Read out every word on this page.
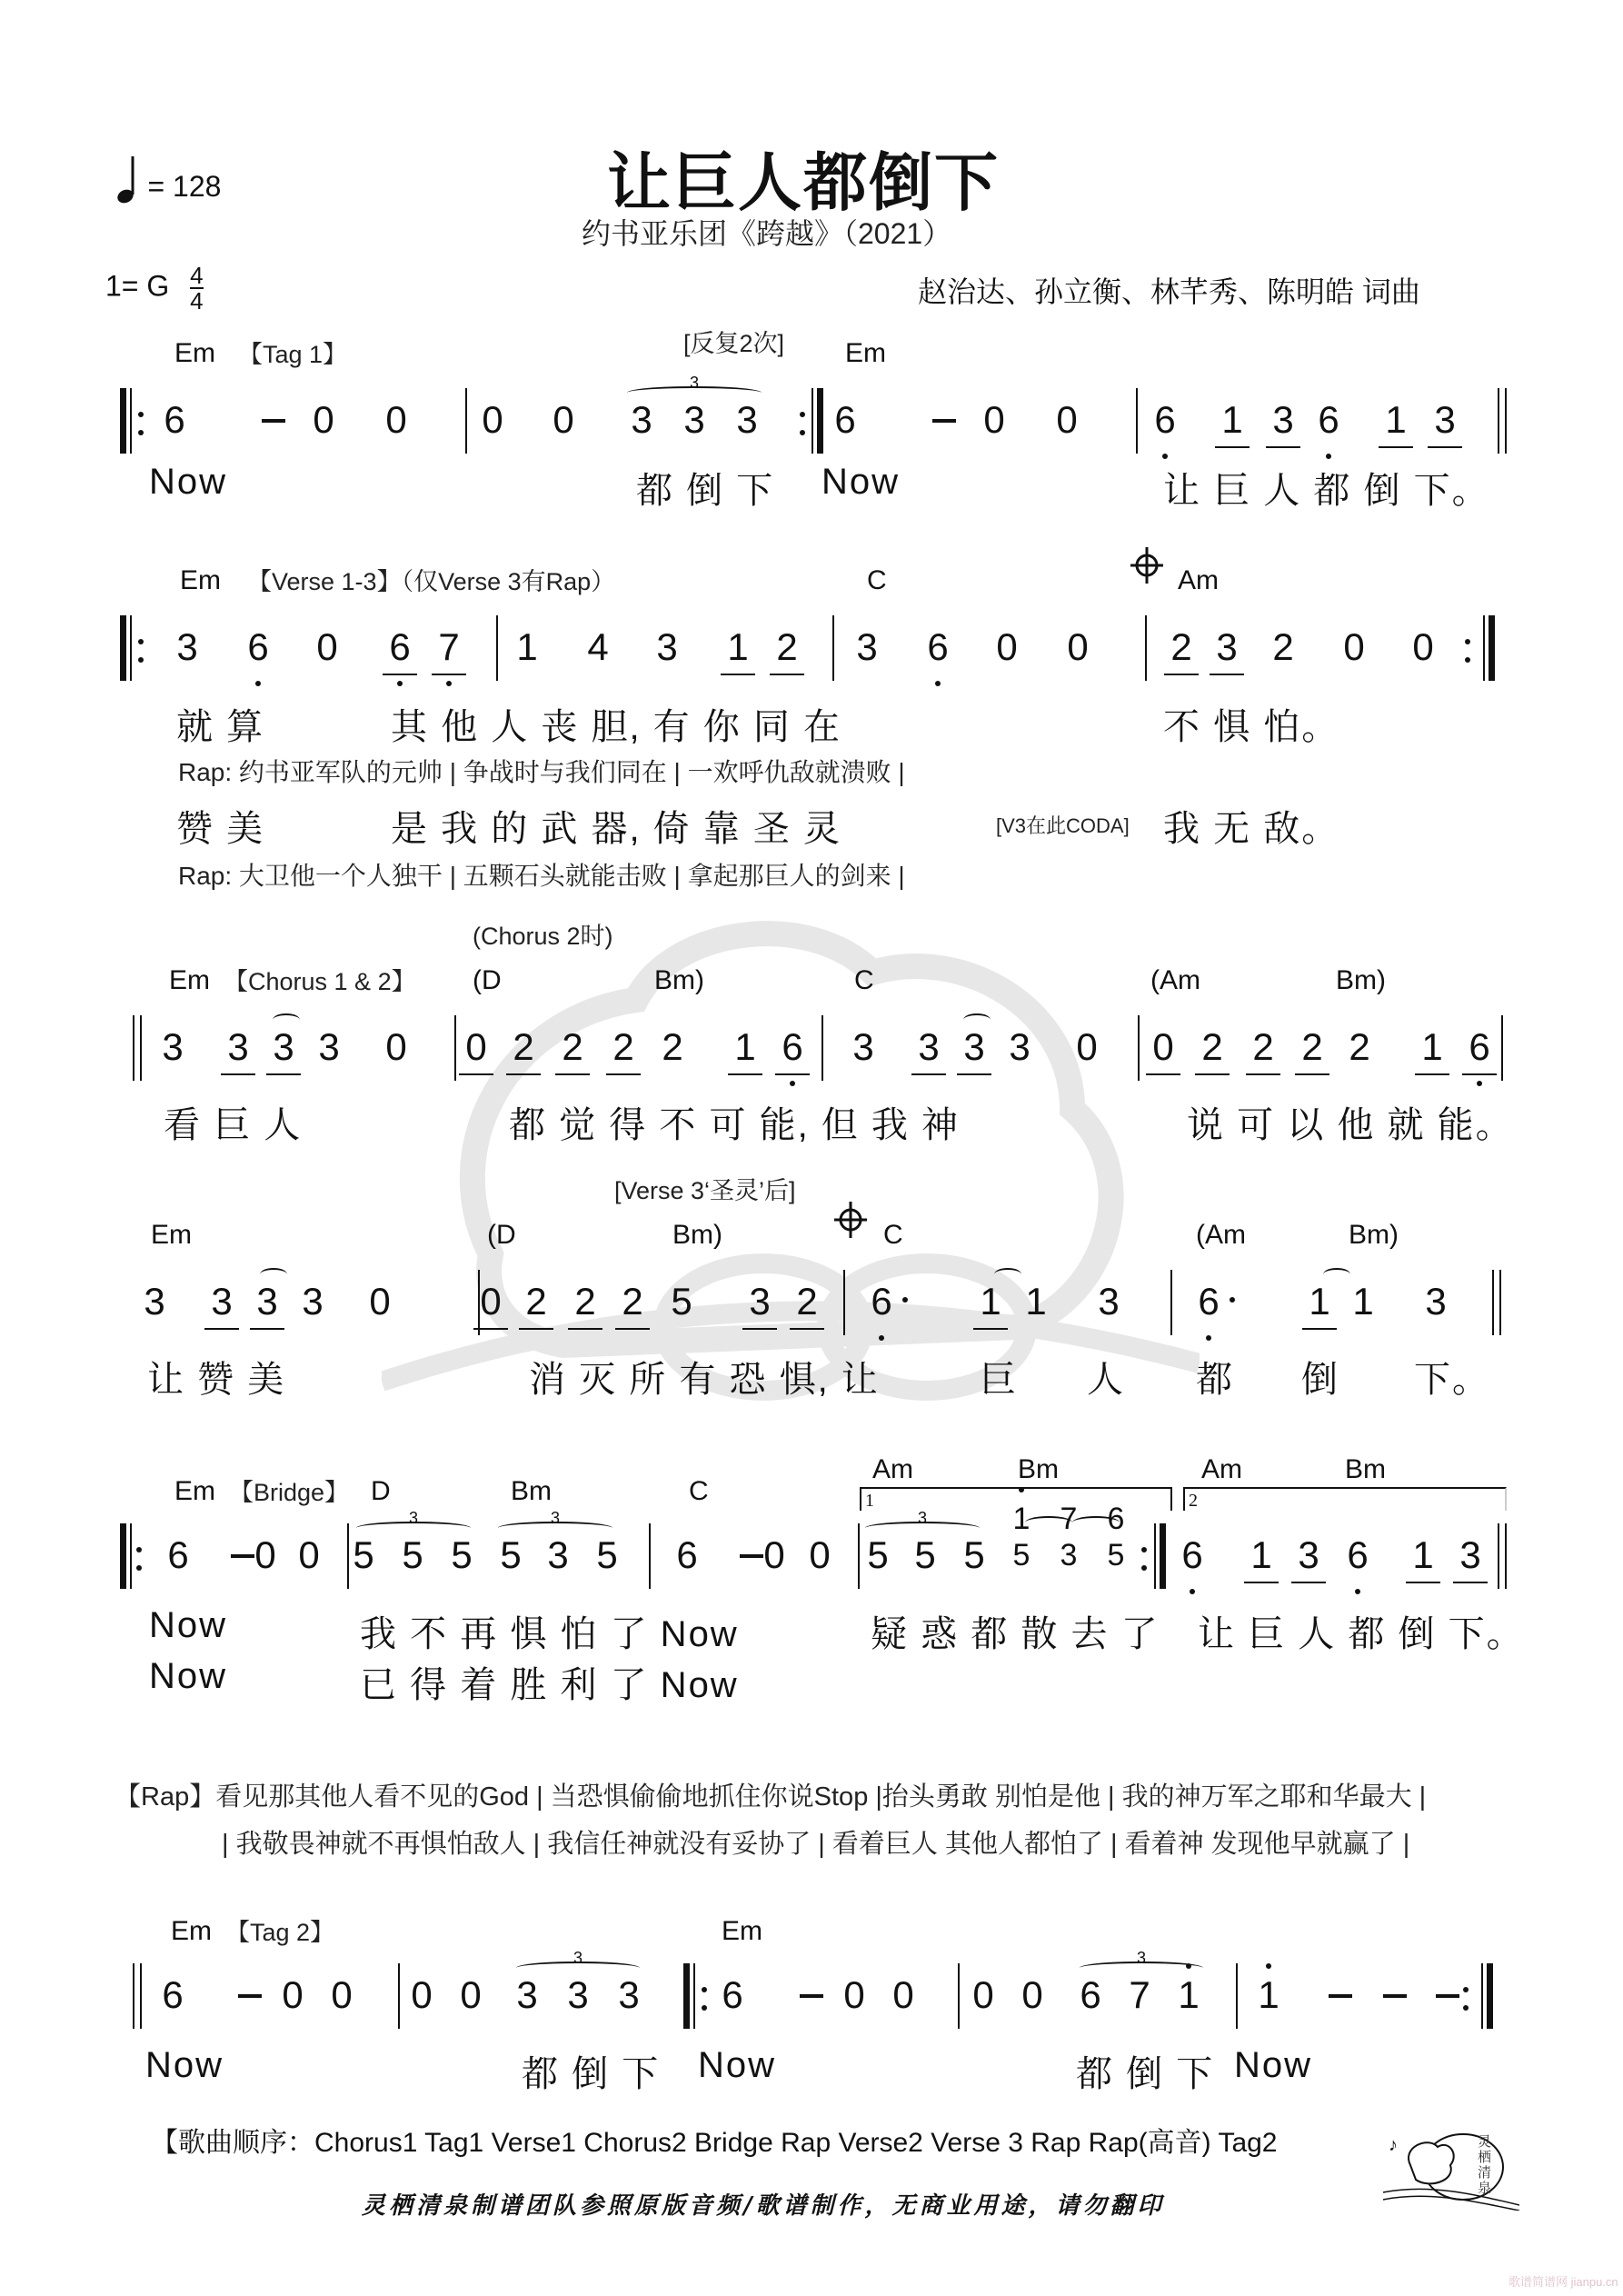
= 128	让巨人都倒下
约书亚乐团《跨越》（2021）
1= G $\frac{4}{4}$	赵治达、孙立衡、林芊秀、陈明皓 词曲
Em 【Tag 1】	[反复2次] Em
6	0 0 0 0 3 3 3 6	0 0 6 1 3 6 1 3
Now	都 倒 下 Now	让 巨 人 都 倒 下。
3
Em 【Verse 1-3】（仅Verse 3有Rap）	C	Am
3 6 0 6 7 1 4 3 1 2 3 6 0 0 2 3 2 0 0
就 算	其 他 人 丧 胆, 有 你 同 在	不 惧 怕。
Rap: 约书亚军队的元帅 | 争战时与我们同在 | 一欢呼仇敌就溃败 |
赞 美	是 我 的 武 器, 倚 靠 圣 灵	[V3在此CODA] 我 无 敌。
Rap: 大卫他一个人独干 | 五颗石头就能击败 | 拿起那巨人的剑来 |
(Chorus 2时)
Em 【Chorus 1 & 2】 (D	Bm)	C	(Am	Bm)
3 3 3 3 0 0 2 2 2 2 1 6 3 3 3 3 0 0 2 2 2 2 1 6
看 巨 人	都 觉 得 不 可 能, 但 我 神	说 可 以 他 就 能。
[Verse 3‘圣灵’后]
Em	(D	Bm)	C	(Am	Bm)
3 3 3 3 0 0 2 2 2 5 3 2 6 1 1 3 6 1 1 3
让 赞 美	消 灭 所 有 恐 惧, 让	巨 人 都 倒 下。
Em 【Bridge】 D	Bm	C
Am	Bm	Am	Bm
6 0 0 5 5 5 5 3 5 6 0 0 5 5 5 5 3 5 6 1 3 6 1 3
Now	我 不 再 惧 怕 了 Now	疑 惑 都 散 去 了 让 巨 人 都 倒 下。
Now	已 得 着 胜 利 了 Now
3	3	3	1 7 6
1	2
Em 【Tag 2】	Em
6	0 0 0 0 3 3 3 6	0 0 0 0 6 7 1 1
Now	都 倒 下 Now	都 倒 下 Now
3	3
【Rap】看见那其他人看不见的God | 当恐惧偷偷地抓住你说Stop |抬头勇敢 别怕是他 | 我的神万军之耶和华最大 |
| 我敬畏神就不再惧怕敌人 | 我信任神就没有妥协了 | 看着巨人 其他人都怕了 | 看着神 发现他早就赢了 |
【歌曲顺序：Chorus1 Tag1 Verse1 Chorus2 Bridge Rap Verse2 Verse 3 Rap Rap(高音) Tag2
灵栖清泉制谱团队参照原版音频/歌谱制作，无商业用途，请勿翻印
♪	灵栖清泉
歌谱简谱网 jianpu.cn
